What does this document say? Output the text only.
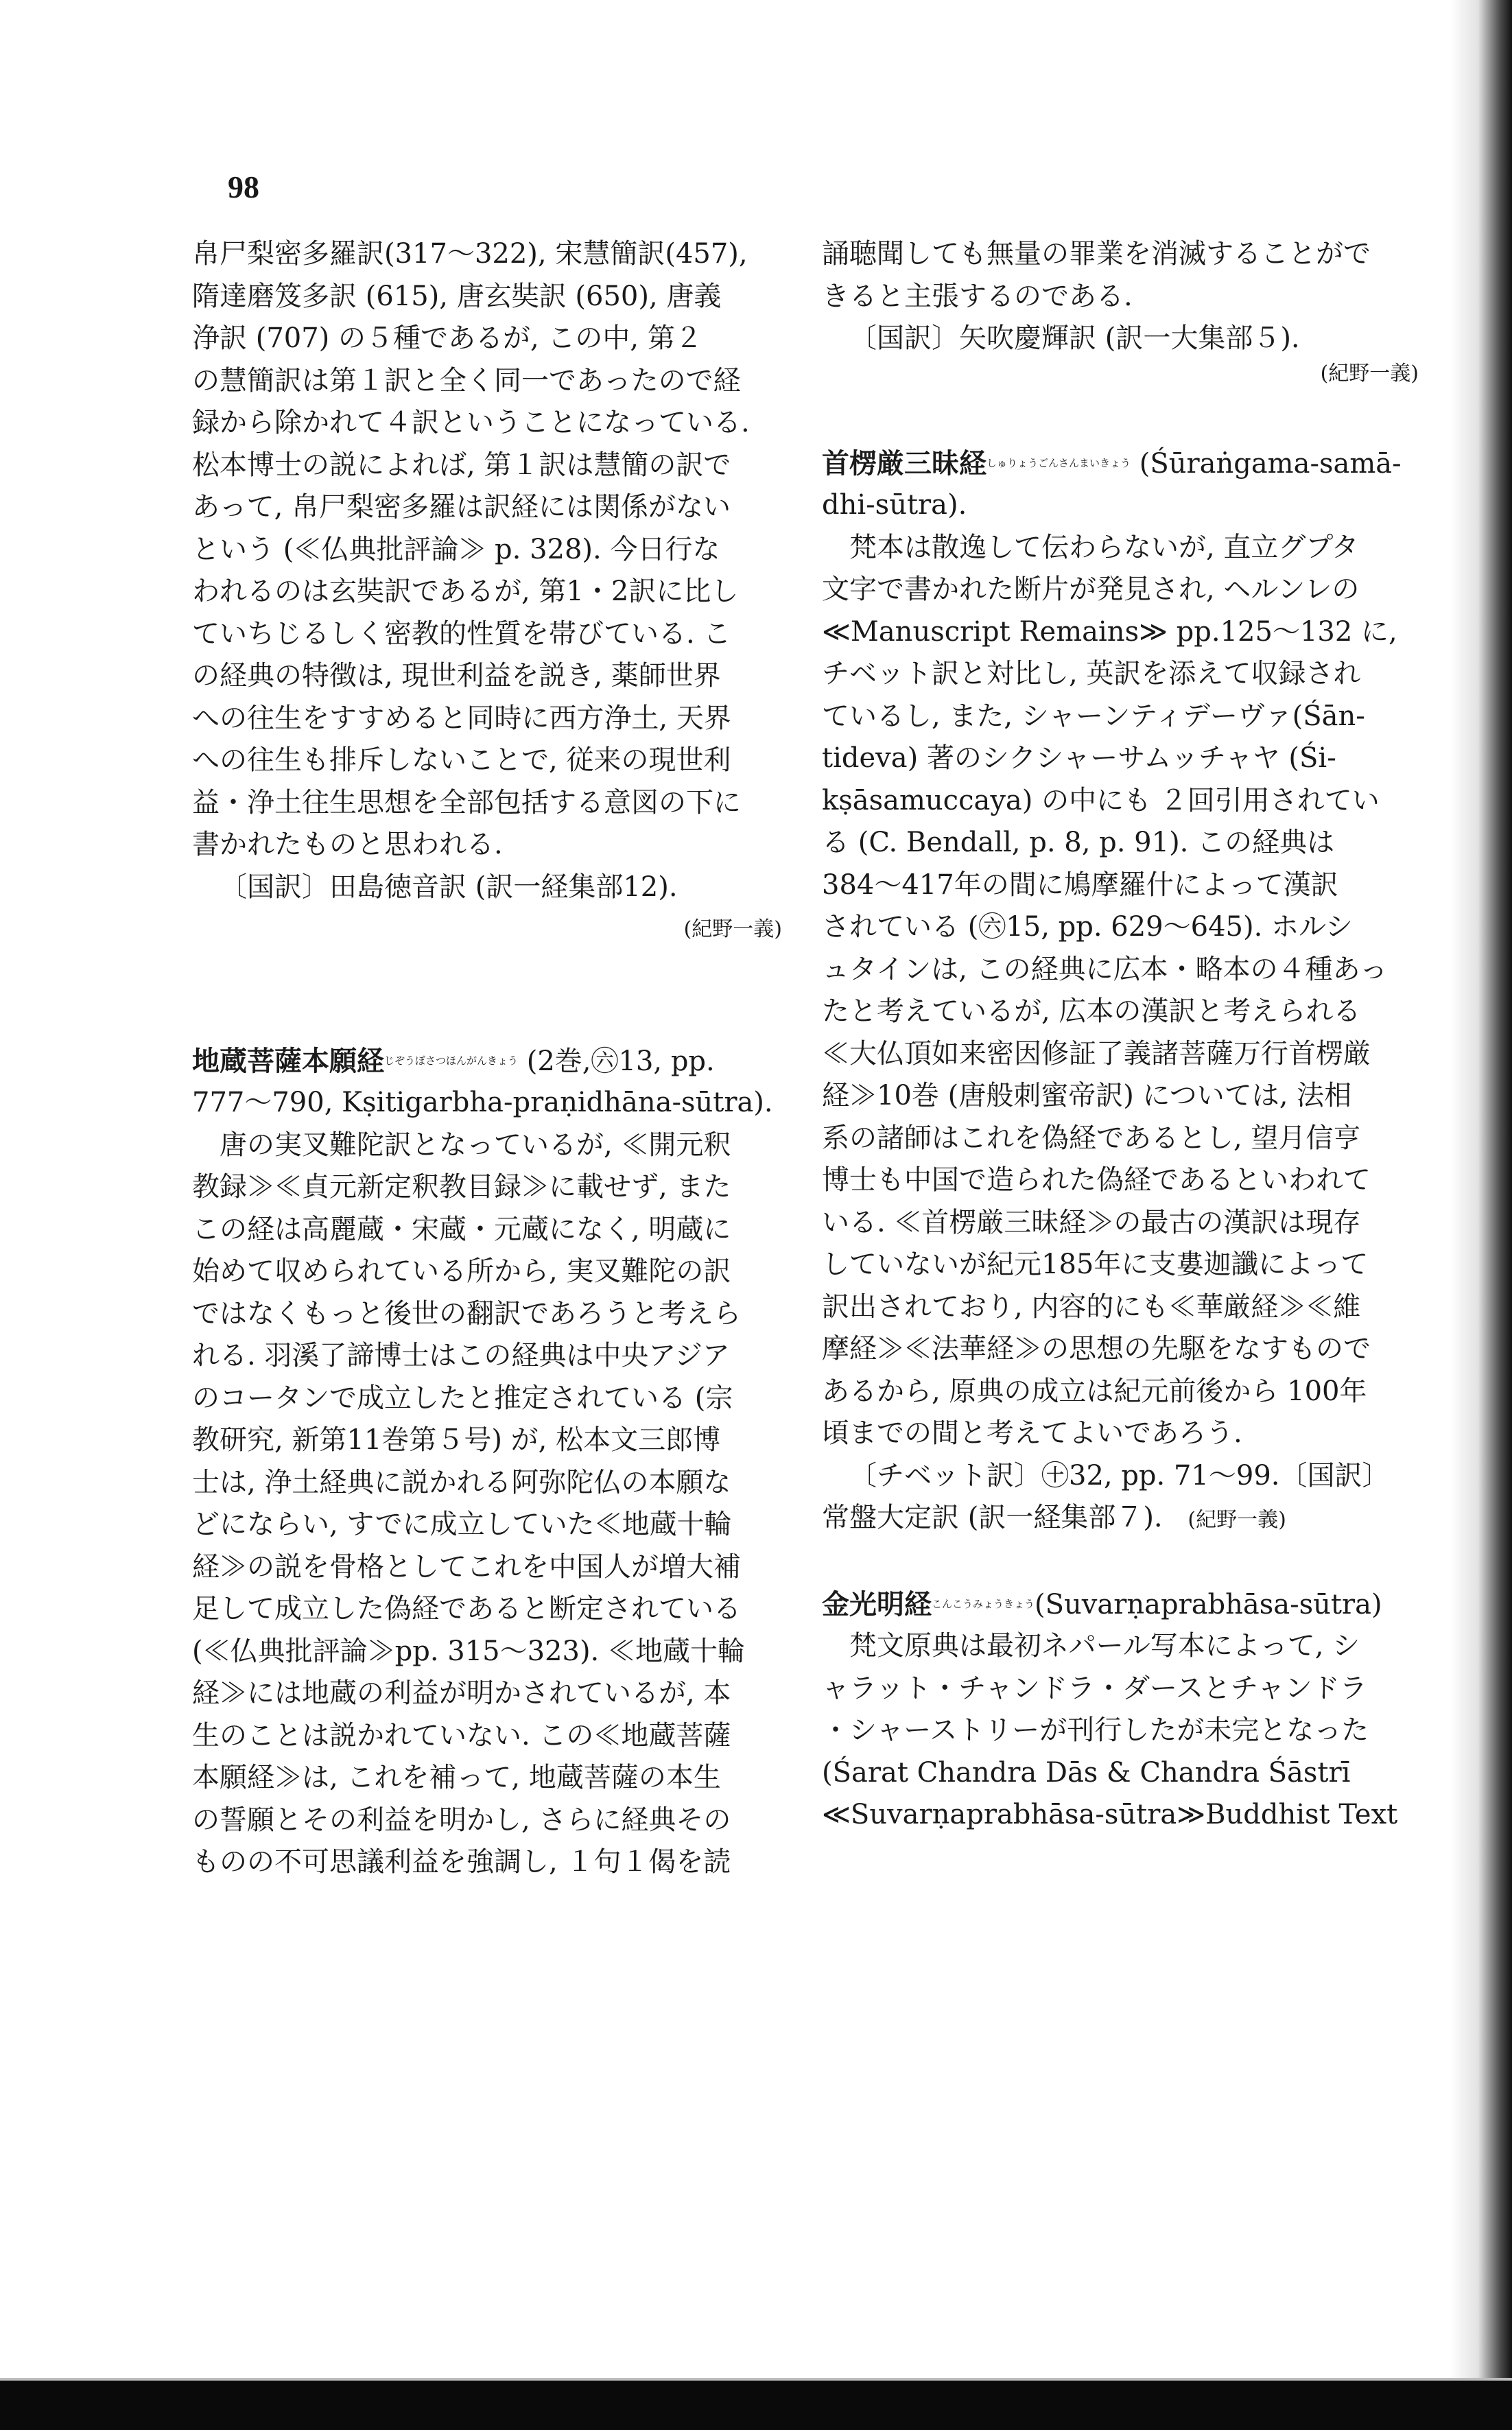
98
帛尸梨密多羅訳(317～322), 宋慧簡訳(457),
隋達磨笈多訳 (615), 唐玄奘訳 (650), 唐義
浄訳 (707) の５種であるが, この中, 第２
の慧簡訳は第１訳と全く同一であったので経
録から除かれて４訳ということになっている.
松本博士の説によれば, 第１訳は慧簡の訳で
あって, 帛尸梨密多羅は訳経には関係がない
という (≪仏典批評論≫ p. 328). 今日行な
われるのは玄奘訳であるが, 第1・2訳に比し
ていちじるしく密教的性質を帯びている. こ
の経典の特徴は, 現世利益を説き, 薬師世界
への往生をすすめると同時に西方浄土, 天界
への往生も排斥しないことで, 従来の現世利
益・浄土往生思想を全部包括する意図の下に
書かれたものと思われる.
〔国訳〕田島徳音訳 (訳一経集部12).
(紀野一義)
地蔵菩薩本願経$^{じぞうぼさつほんがんきょう}$ (2巻,㊅13, pp.
777～790, Kṣitigarbha-praṇidhāna-sūtra).
唐の実叉難陀訳となっているが, ≪開元釈
教録≫≪貞元新定釈教目録≫に載せず, また
この経は高麗蔵・宋蔵・元蔵になく, 明蔵に
始めて収められている所から, 実叉難陀の訳
ではなくもっと後世の翻訳であろうと考えら
れる. 羽溪了諦博士はこの経典は中央アジア
のコータンで成立したと推定されている (宗
教研究, 新第11巻第５号) が, 松本文三郎博
士は, 浄土経典に説かれる阿弥陀仏の本願な
どにならい, すでに成立していた≪地蔵十輪
経≫の説を骨格としてこれを中国人が増大補
足して成立した偽経であると断定されている
(≪仏典批評論≫pp. 315～323). ≪地蔵十輪
経≫には地蔵の利益が明かされているが, 本
生のことは説かれていない. この≪地蔵菩薩
本願経≫は, これを補って, 地蔵菩薩の本生
の誓願とその利益を明かし, さらに経典その
ものの不可思議利益を強調し, １句１偈を読
誦聴聞しても無量の罪業を消滅することがで
きると主張するのである.
〔国訳〕矢吹慶輝訳 (訳一大集部５).
(紀野一義)
首楞厳三昧経$^{しゅりょうごんさんまいきょう}$ (Śūraṅgama-samā-
dhi-sūtra).
梵本は散逸して伝わらないが, 直立グプタ
文字で書かれた断片が発見され, ヘルンレの
≪Manuscript Remains≫ pp.125～132 に,
チベット訳と対比し, 英訳を添えて収録され
ているし, また, シャーンティデーヴァ(Śān-
tideva) 著のシクシャーサムッチャヤ (Śi-
kṣāsamuccaya) の中にも ２回引用されてい
る (C. Bendall, p. 8, p. 91). この経典は
384～417年の間に鳩摩羅什によって漢訳
されている (㊅15, pp. 629～645). ホルシ
ュタインは, この経典に広本・略本の４種あっ
たと考えているが, 広本の漢訳と考えられる
≪大仏頂如来密因修証了義諸菩薩万行首楞厳
経≫10巻 (唐般刺蜜帝訳) については, 法相
系の諸師はこれを偽経であるとし, 望月信亨
博士も中国で造られた偽経であるといわれて
いる. ≪首楞厳三昧経≫の最古の漢訳は現存
していないが紀元185年に支婁迦讖によって
訳出されており, 内容的にも≪華厳経≫≪維
摩経≫≪法華経≫の思想の先駆をなすもので
あるから, 原典の成立は紀元前後から 100年
頃までの間と考えてよいであろう.
〔チベット訳〕㊉32, pp. 71～99.〔国訳〕
常盤大定訳 (訳一経集部７). (紀野一義)
金光明経$^{こんこうみょうきょう}$(Suvarṇaprabhāsa-sūtra)
梵文原典は最初ネパール写本によって, シ
ャラット・チャンドラ・ダースとチャンドラ
・シャーストリーが刊行したが未完となった
(Śarat Chandra Dās & Chandra Śāstrī
≪Suvarṇaprabhāsa-sūtra≫Buddhist Text
